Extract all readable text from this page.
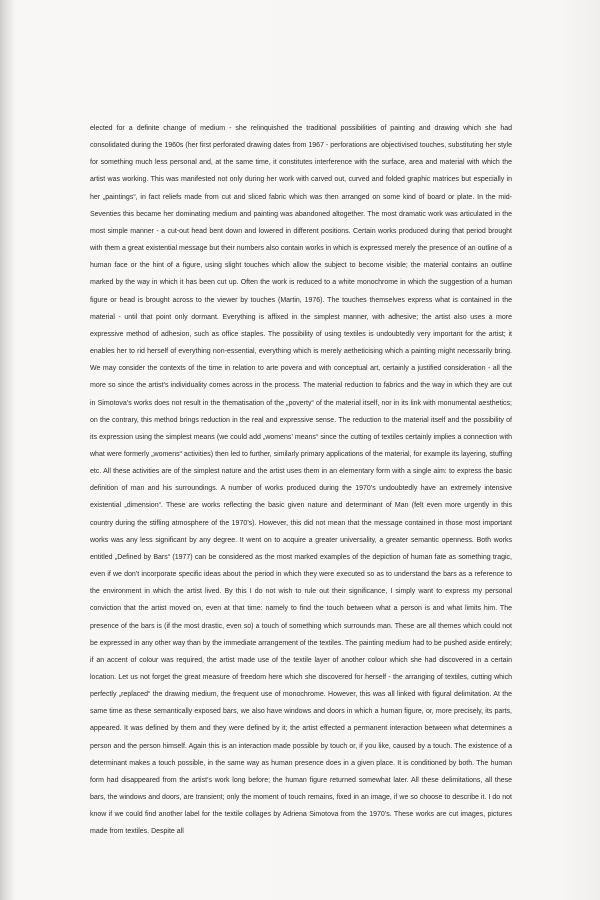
elected for a definite change of medium - she relinquished the traditional possibilities of painting and drawing which she had consolidated during the 1960s (her first perforated drawing dates from 1967 - perforations are objectivised touches, substituting her style for something much less personal and, at the same time, it constitutes interference with the surface, area and material with which the artist was working. This was manifested not only during her work with carved out, curved and folded graphic matrices but especially in her „paintings“, in fact reliefs made from cut and sliced fabric which was then arranged on some kind of board or plate. In the mid-Seventies this became her dominating medium and painting was abandoned altogether. The most dramatic work was articulated in the most simple manner - a cut-out head bent down and lowered in different positions. Certain works produced during that period brought with them a great existential message but their numbers also contain works in which is expressed merely the presence of an outline of a human face or the hint of a figure, using slight touches which allow the subject to become visible; the material contains an outline marked by the way in which it has been cut up. Often the work is reduced to a white monochrome in which the suggestion of a human figure or head is brought across to the viewer by touches (Martin, 1976). The touches themselves express what is contained in the material - until that point only dormant. Everything is affixed in the simplest manner, with adhesive; the artist also uses a more expressive method of adhesion, such as office staples. The possibility of using textiles is undoubtedly very important for the artist; it enables her to rid herself of everything non-essential, everything which is merely aetheticising which a painting might necessarily bring. We may consider the contexts of the time in relation to arte povera and with conceptual art, certainly a justified consideration - all the more so since the artist’s individuality comes across in the process. The material reduction to fabrics and the way in which they are cut in Simotova’s works does not result in the thematisation of the „poverty“ of the material itself, nor in its link with monumental aesthetics; on the contrary, this method brings reduction in the real and expressive sense. The reduction to the material itself and the possibility of its expression using the simplest means (we could add „womens’ means“ since the cutting of textiles certainly implies a connection with what were formerly „womens“ activities) then led to further, similarly primary applications of the material, for example its layering, stuffing etc. All these activities are of the simplest nature and the artist uses them in an elementary form with a single aim: to express the basic definition of man and his surroundings. A number of works produced during the 1970’s undoubtedly have an extremely intensive existential „dimension“. These are works reflecting the basic given nature and determinant of Man (felt even more urgently in this country during the stifling atmosphere of the 1970’s). However, this did not mean that the message contained in those most important works was any less significant by any degree. It went on to acquire a greater universality, a greater semantic openness. Both works entitled „Defined by Bars“ (1977) can be considered as the most marked examples of the depiction of human fate as something tragic, even if we don’t incorporate specific ideas about the period in which they were executed so as to understand the bars as a reference to the environment in which the artist lived. By this I do not wish to rule out their significance, I simply want to express my personal conviction that the artist moved on, even at that time: namely to find the touch between what a person is and what limits him. The presence of the bars is (if the most drastic, even so) a touch of something which surrounds man. These are all themes which could not be expressed in any other way than by the immediate arrangement of the textiles. The painting medium had to be pushed aside entirely; if an accent of colour was required, the artist made use of the textile layer of another colour which she had discovered in a certain location. Let us not forget the great measure of freedom here which she discovered for herself - the arranging of textiles, cutting which perfectly „replaced“ the drawing medium, the frequent use of monochrome. However, this was all linked with figural delimitation. At the same time as these semantically exposed bars, we also have windows and doors in which a human figure, or, more precisely, its parts, appeared. It was defined by them and they were defined by it; the artist effected a permanent interaction between what determines a person and the person himself. Again this is an interaction made possible by touch or, if you like, caused by a touch. The existence of a determinant makes a touch possible, in the same way as human presence does in a given place. It is conditioned by both. The human form had disappeared from the artist’s work long before; the human figure returned somewhat later. All these delimitations, all these bars, the windows and doors, are transient; only the moment of touch remains, fixed in an image, if we so choose to describe it. I do not know if we could find another label for the textile collages by Adriena Simotova from the 1970’s. These works are cut images, pictures made from textiles. Despite all
